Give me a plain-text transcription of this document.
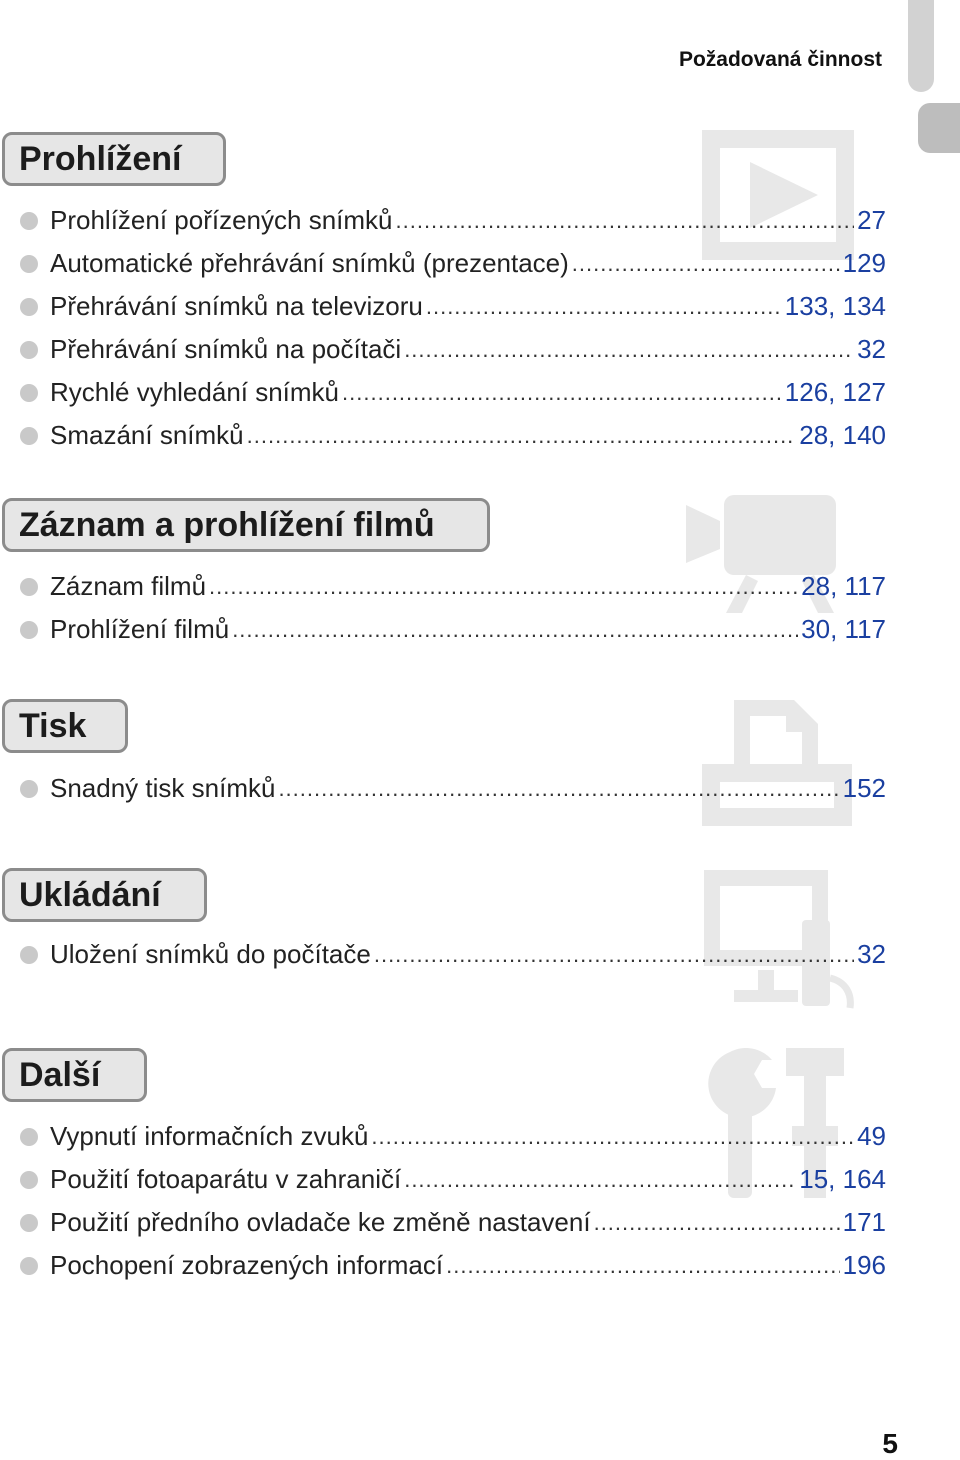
Požadovaná činnost
Prohlížení
Prohlížení pořízených snímků .....	27
Automatické přehrávání snímků (prezentace) .....	129
Přehrávání snímků na televizoru .....	133, 134
Přehrávání snímků na počítači .....	32
Rychlé vyhledání snímků .....	126, 127
Smazání snímků .....	28, 140
Záznam a prohlížení filmů
Záznam filmů .....	28, 117
Prohlížení filmů .....	30, 117
Tisk
Snadný tisk snímků .....	152
Ukládání
Uložení snímků do počítače .....	32
Další
Vypnutí informačních zvuků .....	49
Použití fotoaparátu v zahraničí .....	15, 164
Použití předního ovladače ke změně nastavení .....	171
Pochopení zobrazených informací .....	196
5
